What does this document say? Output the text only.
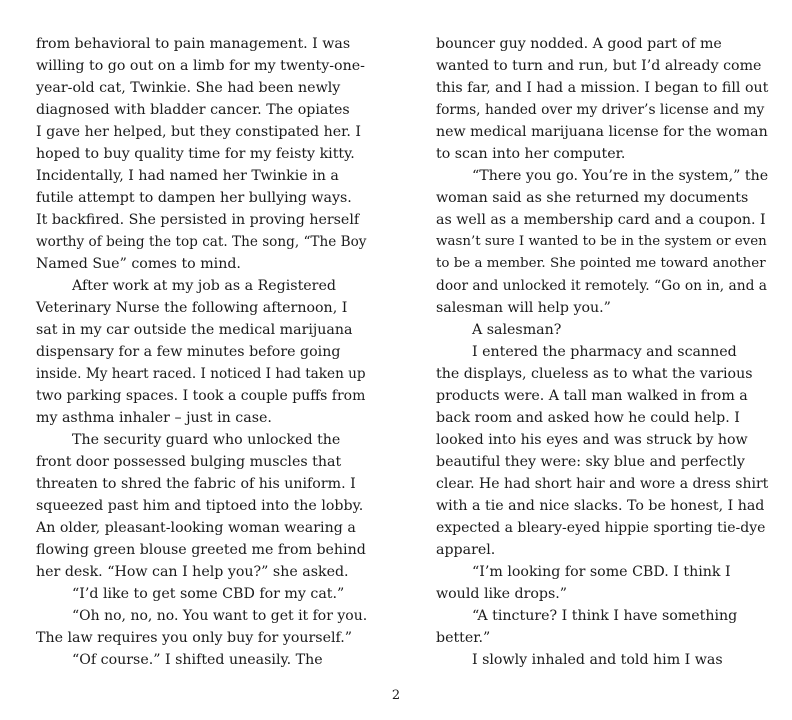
from behavioral to pain management. I was
willing to go out on a limb for my twenty-one-
year-old cat, Twinkie. She had been newly
diagnosed with bladder cancer. The opiates
I gave her helped, but they constipated her. I
hoped to buy quality time for my feisty kitty.
Incidentally, I had named her Twinkie in a
futile attempt to dampen her bullying ways.
It backfired. She persisted in proving herself
worthy of being the top cat. The song, “The Boy
Named Sue” comes to mind.
After work at my job as a Registered
Veterinary Nurse the following afternoon, I
sat in my car outside the medical marijuana
dispensary for a few minutes before going
inside. My heart raced. I noticed I had taken up
two parking spaces. I took a couple puffs from
my asthma inhaler – just in case.
The security guard who unlocked the
front door possessed bulging muscles that
threaten to shred the fabric of his uniform. I
squeezed past him and tiptoed into the lobby.
An older, pleasant-looking woman wearing a
flowing green blouse greeted me from behind
her desk. “How can I help you?” she asked.
“I’d like to get some CBD for my cat.”
“Oh no, no, no. You want to get it for you.
The law requires you only buy for yourself.”
“Of course.” I shifted uneasily. The
bouncer guy nodded. A good part of me
wanted to turn and run, but I’d already come
this far, and I had a mission. I began to fill out
forms, handed over my driver’s license and my
new medical marijuana license for the woman
to scan into her computer.
“There you go. You’re in the system,” the
woman said as she returned my documents
as well as a membership card and a coupon. I
wasn’t sure I wanted to be in the system or even
to be a member. She pointed me toward another
door and unlocked it remotely. “Go on in, and a
salesman will help you.”
A salesman?
I entered the pharmacy and scanned
the displays, clueless as to what the various
products were. A tall man walked in from a
back room and asked how he could help. I
looked into his eyes and was struck by how
beautiful they were: sky blue and perfectly
clear. He had short hair and wore a dress shirt
with a tie and nice slacks. To be honest, I had
expected a bleary-eyed hippie sporting tie-dye
apparel.
“I’m looking for some CBD. I think I
would like drops.”
“A tincture? I think I have something
better.”
I slowly inhaled and told him I was
2
